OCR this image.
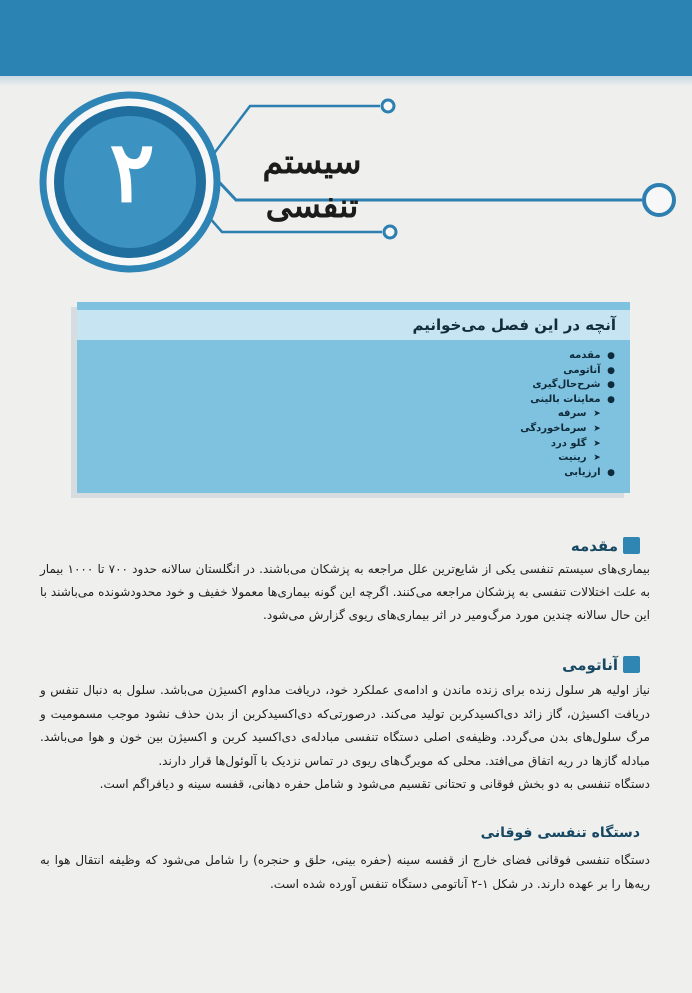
۲	سیستم تنفسی
آنچه در این فصل می‌خوانیم
● مقدمه
● آناتومی
● شرح‌حال‌گیری
● معاینات بالینی
➤ سرفه
➤ سرماخوردگی
➤ گلو درد
➤ رینیت
● ارزیابی
مقدمه

بیماری‌های سیستم تنفسی یکی از شایع‌ترین علل مراجعه به پزشکان می‌باشند. در انگلستان سالانه حدود ۷۰۰ تا ۱۰۰۰ بیمار به علت اختلالات تنفسی به پزشکان مراجعه می‌کنند. اگرچه این گونه بیماری‌ها معمولا خفیف و خود محدودشونده می‌باشند با این حال سالانه چندین مورد مرگ‌ومیر در اثر بیماری‌های ریوی گزارش می‌شود.

آناتومی

نیاز اولیه هر سلول زنده برای زنده ماندن و ادامه‌ی عملکرد خود، دریافت مداوم اکسیژن می‌باشد. سلول به دنبال تنفس و دریافت اکسیژن، گاز زائد دی‌اکسیدکربن تولید می‌کند. درصورتی‌که دی‌اکسیدکربن از بدن حذف نشود موجب مسمومیت و مرگ سلول‌های بدن می‌گردد. وظیفه‌ی اصلی دستگاه تنفسی مبادله‌ی دی‌اکسید کربن و اکسیژن بین خون و هوا می‌باشد. مبادله گازها در ریه اتفاق می‌افتد. محلی که مویرگ‌های ریوی در تماس نزدیک با آلوئول‌ها قرار دارند.

دستگاه تنفسی به دو بخش فوقانی و تحتانی تقسیم می‌شود و شامل حفره دهانی، قفسه سینه و دیافراگم است.

دستگاه تنفسی فوقانی

دستگاه تنفسی فوقانی فضای خارج از قفسه سینه (حفره بینی، حلق و حنجره) را شامل می‌شود که وظیفه انتقال هوا به ریه‌ها را بر عهده دارند. در شکل ۱-۲ آناتومی دستگاه تنفس آورده شده است.
